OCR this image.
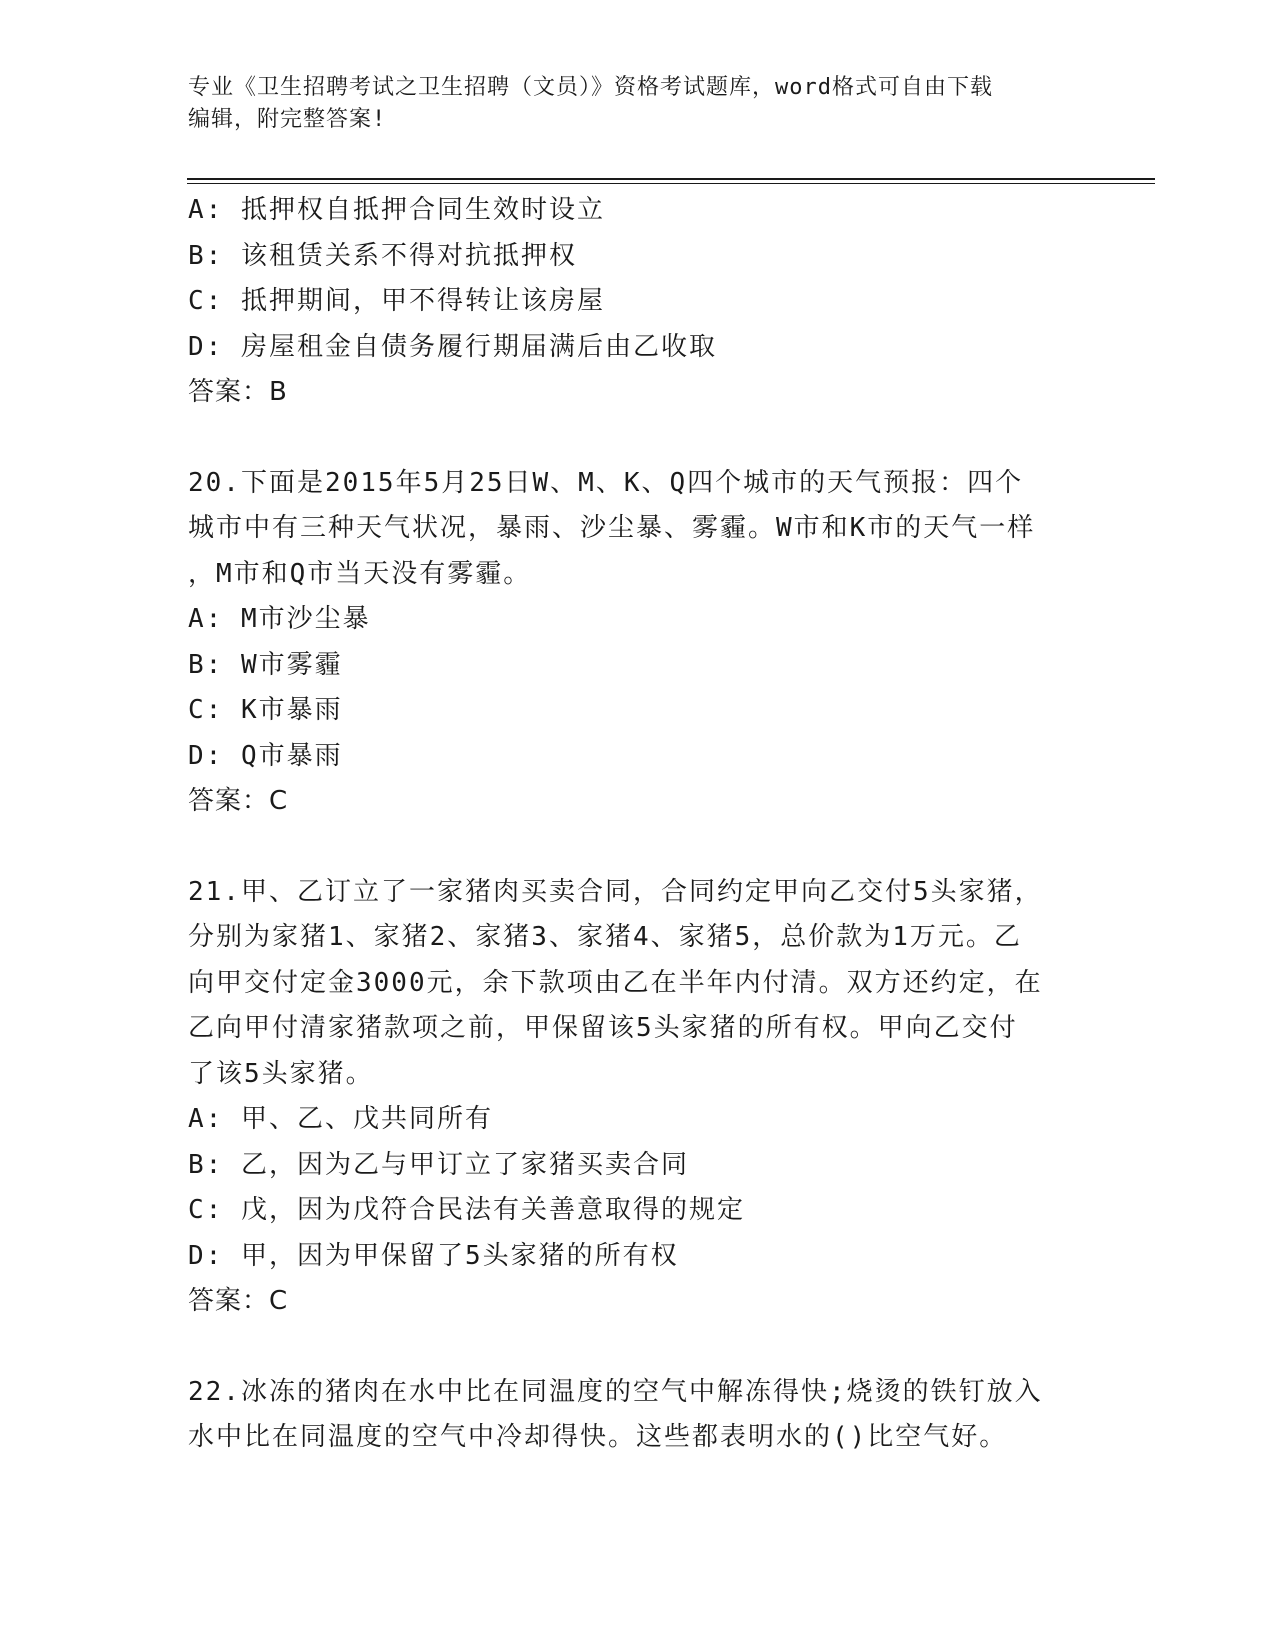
专业《卫生招聘考试之卫生招聘（文员）》资格考试题库，word格式可自由下载
编辑，附完整答案!
A: 抵押权自抵押合同生效时设立
B: 该租赁关系不得对抗抵押权
C: 抵押期间，甲不得转让该房屋
D: 房屋租金自债务履行期届满后由乙收取
答案：B
20.下面是2015年5月25日W、M、K、Q四个城市的天气预报：四个
城市中有三种天气状况，暴雨、沙尘暴、雾霾。W市和K市的天气一样
，M市和Q市当天没有雾霾。
A: M市沙尘暴
B: W市雾霾
C: K市暴雨
D: Q市暴雨
答案：C
21.甲、乙订立了一家猪肉买卖合同，合同约定甲向乙交付5头家猪，
分别为家猪1、家猪2、家猪3、家猪4、家猪5，总价款为1万元。乙
向甲交付定金3000元，余下款项由乙在半年内付清。双方还约定，在
乙向甲付清家猪款项之前，甲保留该5头家猪的所有权。甲向乙交付
了该5头家猪。
A: 甲、乙、戊共同所有
B: 乙，因为乙与甲订立了家猪买卖合同
C: 戊，因为戊符合民法有关善意取得的规定
D: 甲，因为甲保留了5头家猪的所有权
答案：C
22.冰冻的猪肉在水中比在同温度的空气中解冻得快;烧烫的铁钉放入
水中比在同温度的空气中冷却得快。这些都表明水的()比空气好。
